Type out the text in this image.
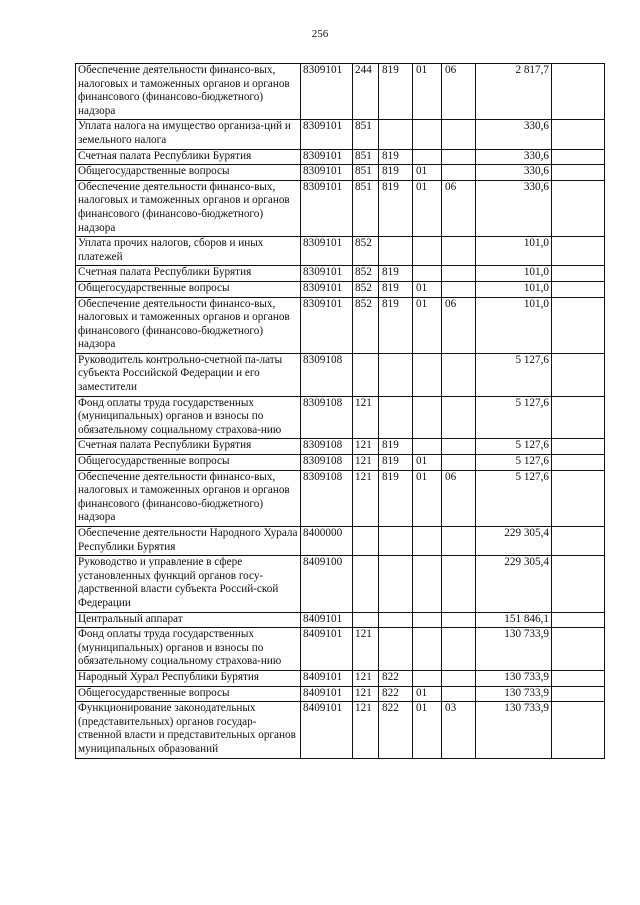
256
Обеспечение деятельности финансо-вых, налоговых и таможенных органов и органов финансового (финансово-бюджетного) надзора	8309101	244	819	01	06	2 817,7	
Уплата налога на имущество организа-ций и земельного налога	8309101	851				330,6	
Счетная палата Республики Бурятия	8309101	851	819			330,6	
Общегосударственные вопросы	8309101	851	819	01		330,6	
Обеспечение деятельности финансо-вых, налоговых и таможенных органов и органов финансового (финансово-бюджетного) надзора	8309101	851	819	01	06	330,6	
Уплата прочих налогов, сборов и иных платежей	8309101	852				101,0	
Счетная палата Республики Бурятия	8309101	852	819			101,0	
Общегосударственные вопросы	8309101	852	819	01		101,0	
Обеспечение деятельности финансо-вых, налоговых и таможенных органов и органов финансового (финансово-бюджетного) надзора	8309101	852	819	01	06	101,0	
Руководитель контрольно-счетной па-латы субъекта Российской Федерации и его заместители	8309108					5 127,6	
Фонд оплаты труда государственных (муниципальных) органов и взносы по обязательному социальному страхова-нию	8309108	121				5 127,6	
Счетная палата Республики Бурятия	8309108	121	819			5 127,6	
Общегосударственные вопросы	8309108	121	819	01		5 127,6	
Обеспечение деятельности финансо-вых, налоговых и таможенных органов и органов финансового (финансово-бюджетного) надзора	8309108	121	819	01	06	5 127,6	
Обеспечение деятельности Народного Хурала Республики Бурятия	8400000					229 305,4	
Руководство и управление в сфере установленных функций органов госу-дарственной власти субъекта Россий-ской Федерации	8409100					229 305,4	
Центральный аппарат	8409101					151 846,1	
Фонд оплаты труда государственных (муниципальных) органов и взносы по обязательному социальному страхова-нию	8409101	121				130 733,9	
Народный Хурал Республики Бурятия	8409101	121	822			130 733,9	
Общегосударственные вопросы	8409101	121	822	01		130 733,9	
Функционирование законодательных (представительных) органов государ-ственной власти и представительных органов муниципальных образований	8409101	121	822	01	03	130 733,9	
